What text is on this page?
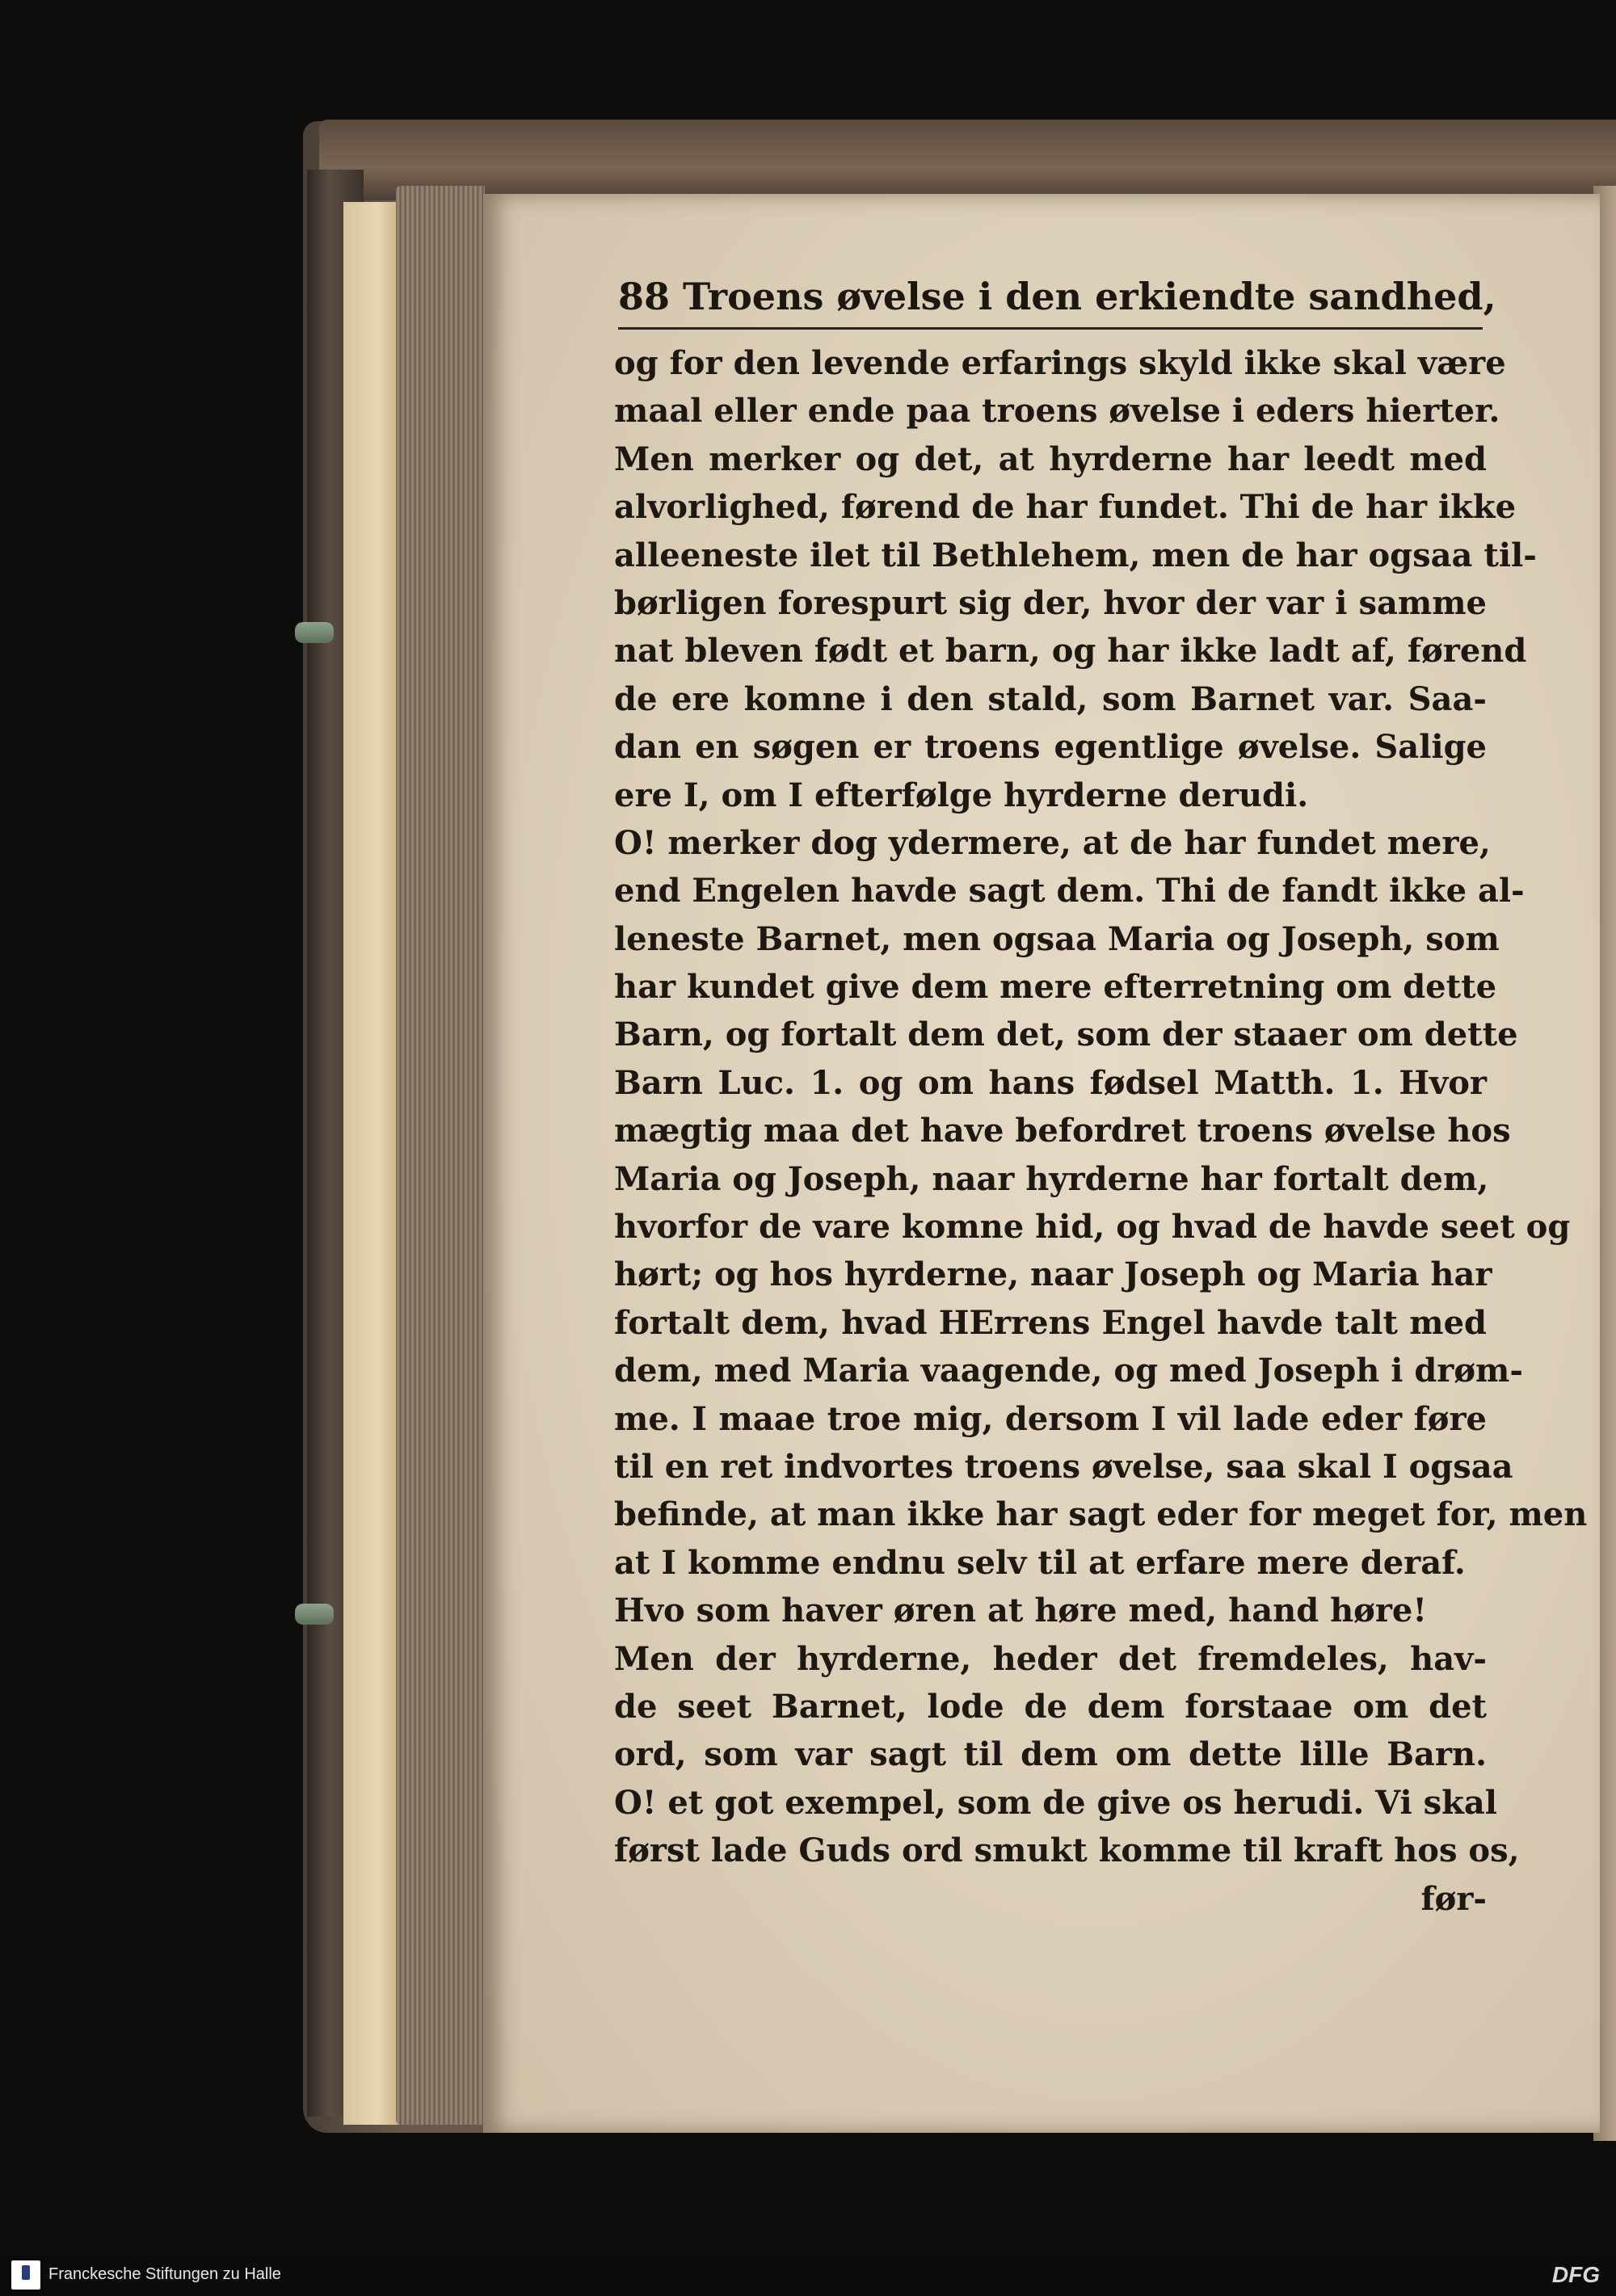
88 Troens øvelse i den erkiendte sandhed,
og for den levende erfarings skyld ikke skal være
maal eller ende paa troens øvelse i eders hierter.
Men merker og det, at hyrderne har leedt med
alvorlighed, førend de har fundet. Thi de har ikke
alleeneste ilet til Bethlehem, men de har ogsaa til-
børligen forespurt sig der, hvor der var i samme
nat bleven født et barn, og har ikke ladt af, førend
de ere komne i den stald, som Barnet var. Saa-
dan en søgen er troens egentlige øvelse. Salige
ere I, om I efterfølge hyrderne derudi.
O! merker dog ydermere, at de har fundet mere,
end Engelen havde sagt dem. Thi de fandt ikke al-
leneste Barnet, men ogsaa Maria og Joseph, som
har kundet give dem mere efterretning om dette
Barn, og fortalt dem det, som der staaer om dette
Barn Luc. 1. og om hans fødsel Matth. 1. Hvor
mægtig maa det have befordret troens øvelse hos
Maria og Joseph, naar hyrderne har fortalt dem,
hvorfor de vare komne hid, og hvad de havde seet og
hørt; og hos hyrderne, naar Joseph og Maria har
fortalt dem, hvad HErrens Engel havde talt med
dem, med Maria vaagende, og med Joseph i drøm-
me. I maae troe mig, dersom I vil lade eder føre
til en ret indvortes troens øvelse, saa skal I ogsaa
befinde, at man ikke har sagt eder for meget for, men
at I komme endnu selv til at erfare mere deraf.
Hvo som haver øren at høre med, hand høre!
Men der hyrderne, heder det fremdeles, hav-
de seet Barnet, lode de dem forstaae om det
ord, som var sagt til dem om dette lille Barn.
O! et got exempel, som de give os herudi. Vi skal
først lade Guds ord smukt komme til kraft hos os,
før-
Franckesche Stiftungen zu Halle	DFG
